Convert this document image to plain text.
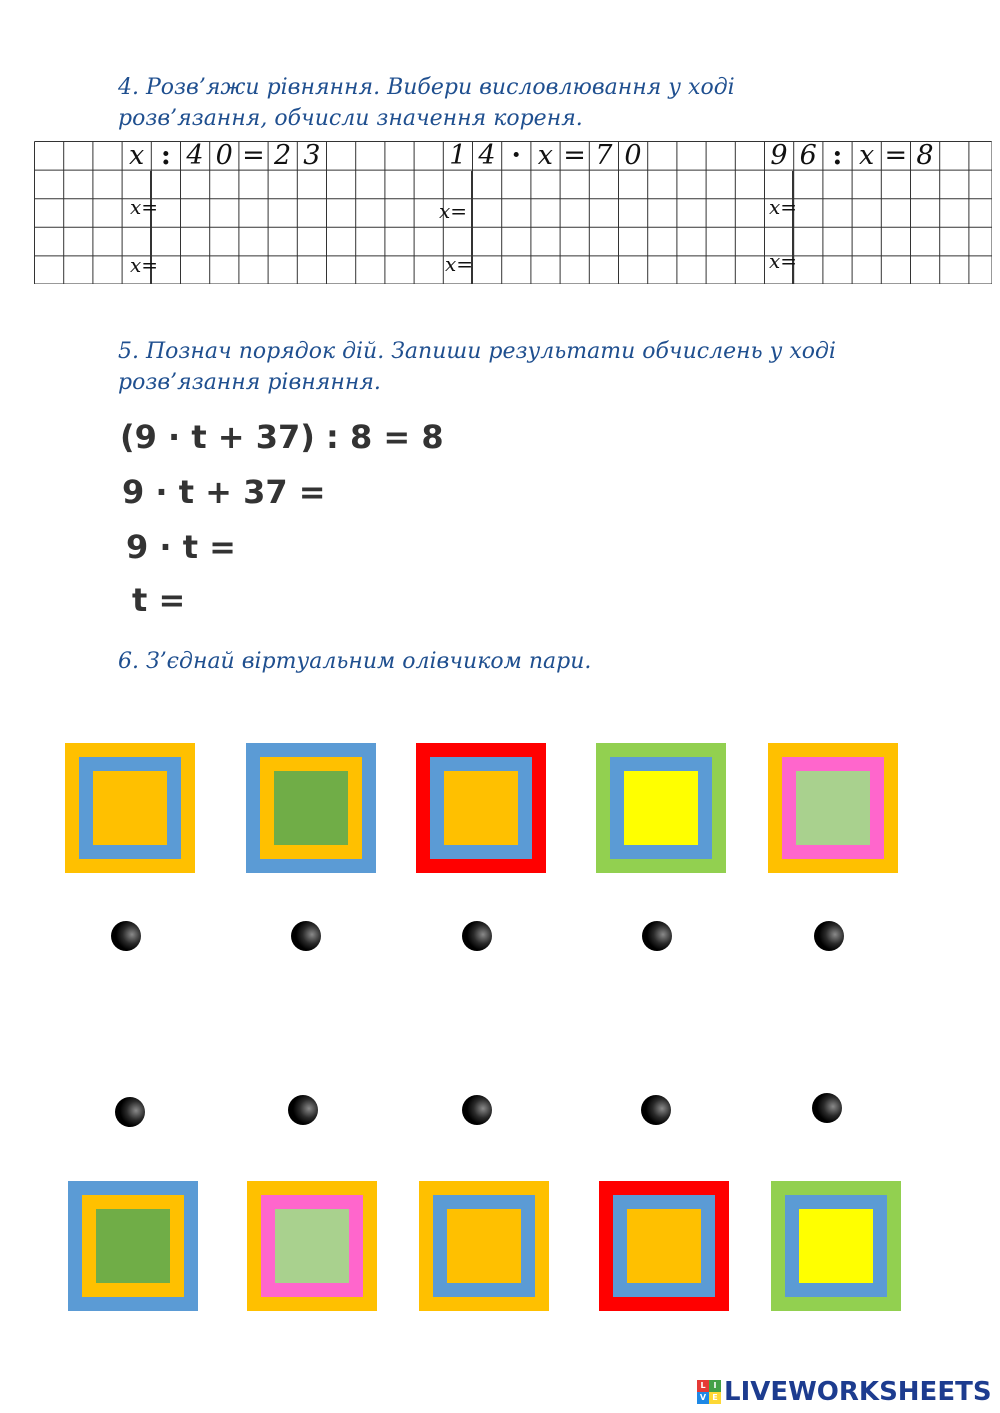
4. Розв’яжи рівняння. Вибери висловлювання у ході
розв’язання, обчисли значення кореня.

x : 4 0 = 2 3
x=
x=
1 4 · x = 7 0
x=
x=
9 6 : x = 8
x=
x=

5. Познач порядок дій. Запиши результати обчислень у ході
розв’язання рівняння.

(9 · t + 37) : 8 = 8

9 · t + 37 =

9 · t =

t =

6. З’єднай віртуальним олівчиком пари.

L I
V E LIVEWORKSHEETS
